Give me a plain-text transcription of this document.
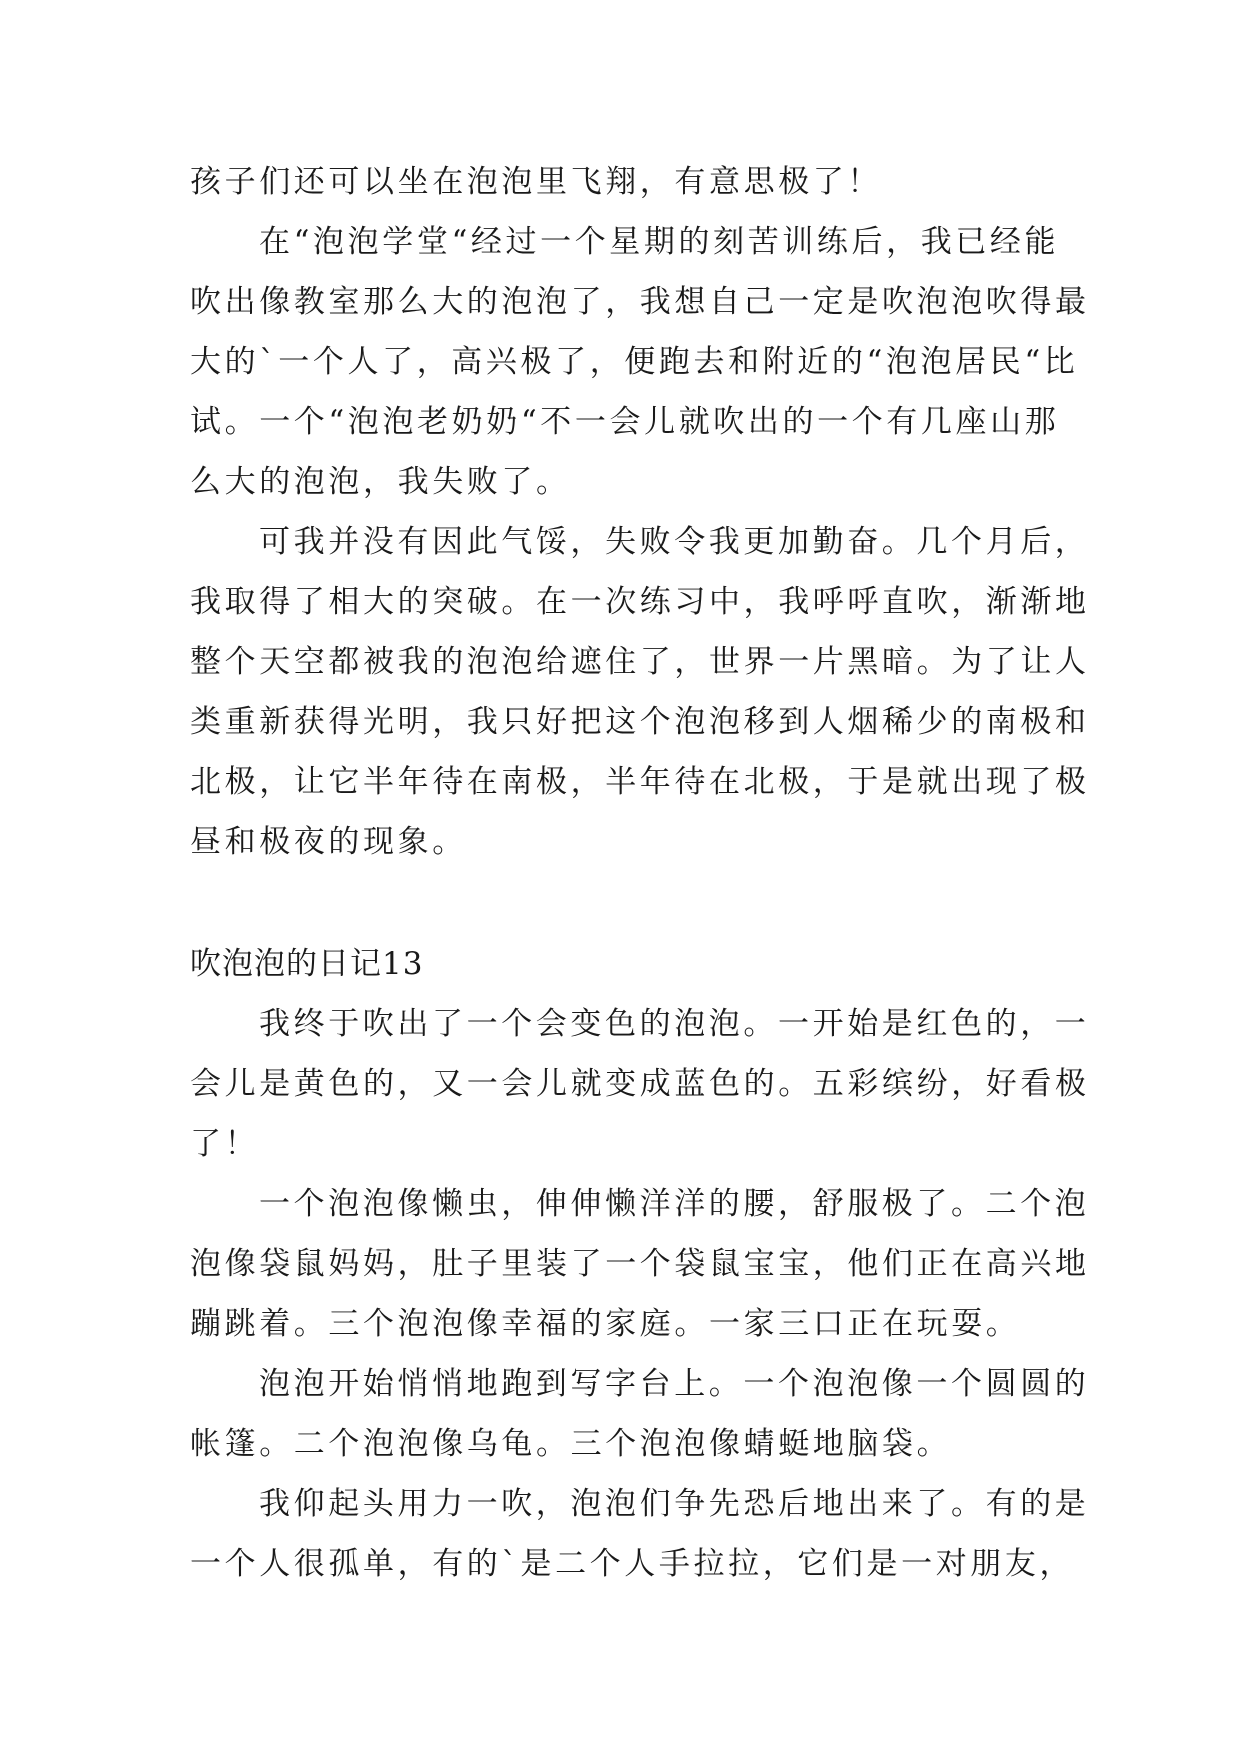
孩子们还可以坐在泡泡里飞翔，有意思极了！

在“泡泡学堂“经过一个星期的刻苦训练后，我已经能

吹出像教室那么大的泡泡了，我想自己一定是吹泡泡吹得最

大的`一个人了，高兴极了，便跑去和附近的“泡泡居民“比

试。一个“泡泡老奶奶“不一会儿就吹出的一个有几座山那

么大的泡泡，我失败了。

可我并没有因此气馁，失败令我更加勤奋。几个月后，

我取得了相大的突破。在一次练习中，我呼呼直吹，渐渐地

整个天空都被我的泡泡给遮住了，世界一片黑暗。为了让人

类重新获得光明，我只好把这个泡泡移到人烟稀少的南极和

北极，让它半年待在南极，半年待在北极，于是就出现了极

昼和极夜的现象。

吹泡泡的日记13

我终于吹出了一个会变色的泡泡。一开始是红色的，一

会儿是黄色的，又一会儿就变成蓝色的。五彩缤纷，好看极

了！

一个泡泡像懒虫，伸伸懒洋洋的腰，舒服极了。二个泡

泡像袋鼠妈妈，肚子里装了一个袋鼠宝宝，他们正在高兴地

蹦跳着。三个泡泡像幸福的家庭。一家三口正在玩耍。

泡泡开始悄悄地跑到写字台上。一个泡泡像一个圆圆的

帐篷。二个泡泡像乌龟。三个泡泡像蜻蜓地脑袋。

我仰起头用力一吹，泡泡们争先恐后地出来了。有的是

一个人很孤单，有的`是二个人手拉拉，它们是一对朋友，
